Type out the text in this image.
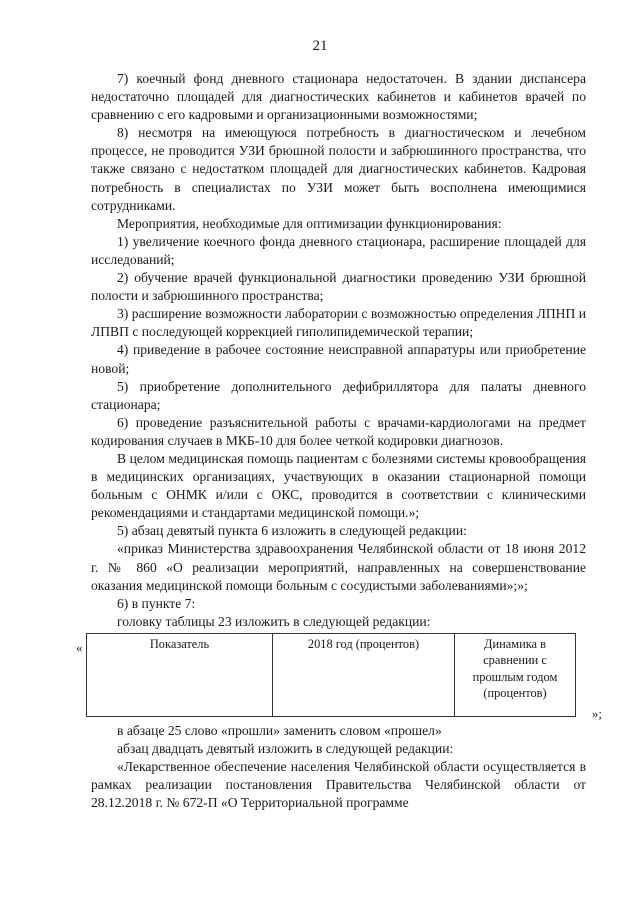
21

7) коечный фонд дневного стационара недостаточен. В здании диспансера недостаточно площадей для диагностических кабинетов и кабинетов врачей по сравнению с его кадровыми и организационными возможностями;

8) несмотря на имеющуюся потребность в диагностическом и лечебном процессе, не проводится УЗИ брюшной полости и забрюшинного пространства, что также связано с недостатком площадей для диагностических кабинетов. Кадровая потребность в специалистах по УЗИ может быть восполнена имеющимися сотрудниками.

Мероприятия, необходимые для оптимизации функционирования:

1) увеличение коечного фонда дневного стационара, расширение площадей для исследований;

2) обучение врачей функциональной диагностики проведению УЗИ брюшной полости и забрюшинного пространства;

3) расширение возможности лаборатории с возможностью определения ЛПНП и ЛПВП с последующей коррекцией гиполипидемической терапии;

4) приведение в рабочее состояние неисправной аппаратуры или приобретение новой;

5) приобретение дополнительного дефибриллятора для палаты дневного стационара;

6) проведение разъяснительной работы с врачами-кардиологами на предмет кодирования случаев в МКБ-10 для более четкой кодировки диагнозов.

В целом медицинская помощь пациентам с болезнями системы кровообращения в медицинских организациях, участвующих в оказании стационарной помощи больным с ОНМК и/или с ОКС, проводится в соответствии с клиническими рекомендациями и стандартами медицинской помощи.»;

5) абзац девятый пункта 6 изложить в следующей редакции:

«приказ Министерства здравоохранения Челябинской области от 18 июня 2012 г. № 860 «О реализации мероприятий, направленных на совершенствование оказания медицинской помощи больным с сосудистыми заболеваниями»;»;

6) в пункте 7:

головку таблицы 23 изложить в следующей редакции:

«	Показатель	2018 год (процентов)	Динамика в сравнении с прошлым годом (процентов)
»;

в абзаце 25 слово «прошли» заменить словом «прошел»

абзац двадцать девятый изложить в следующей редакции:

«Лекарственное обеспечение населения Челябинской области осуществляется в рамках реализации постановления Правительства Челябинской области от 28.12.2018 г. № 672-П «О Территориальной программе
